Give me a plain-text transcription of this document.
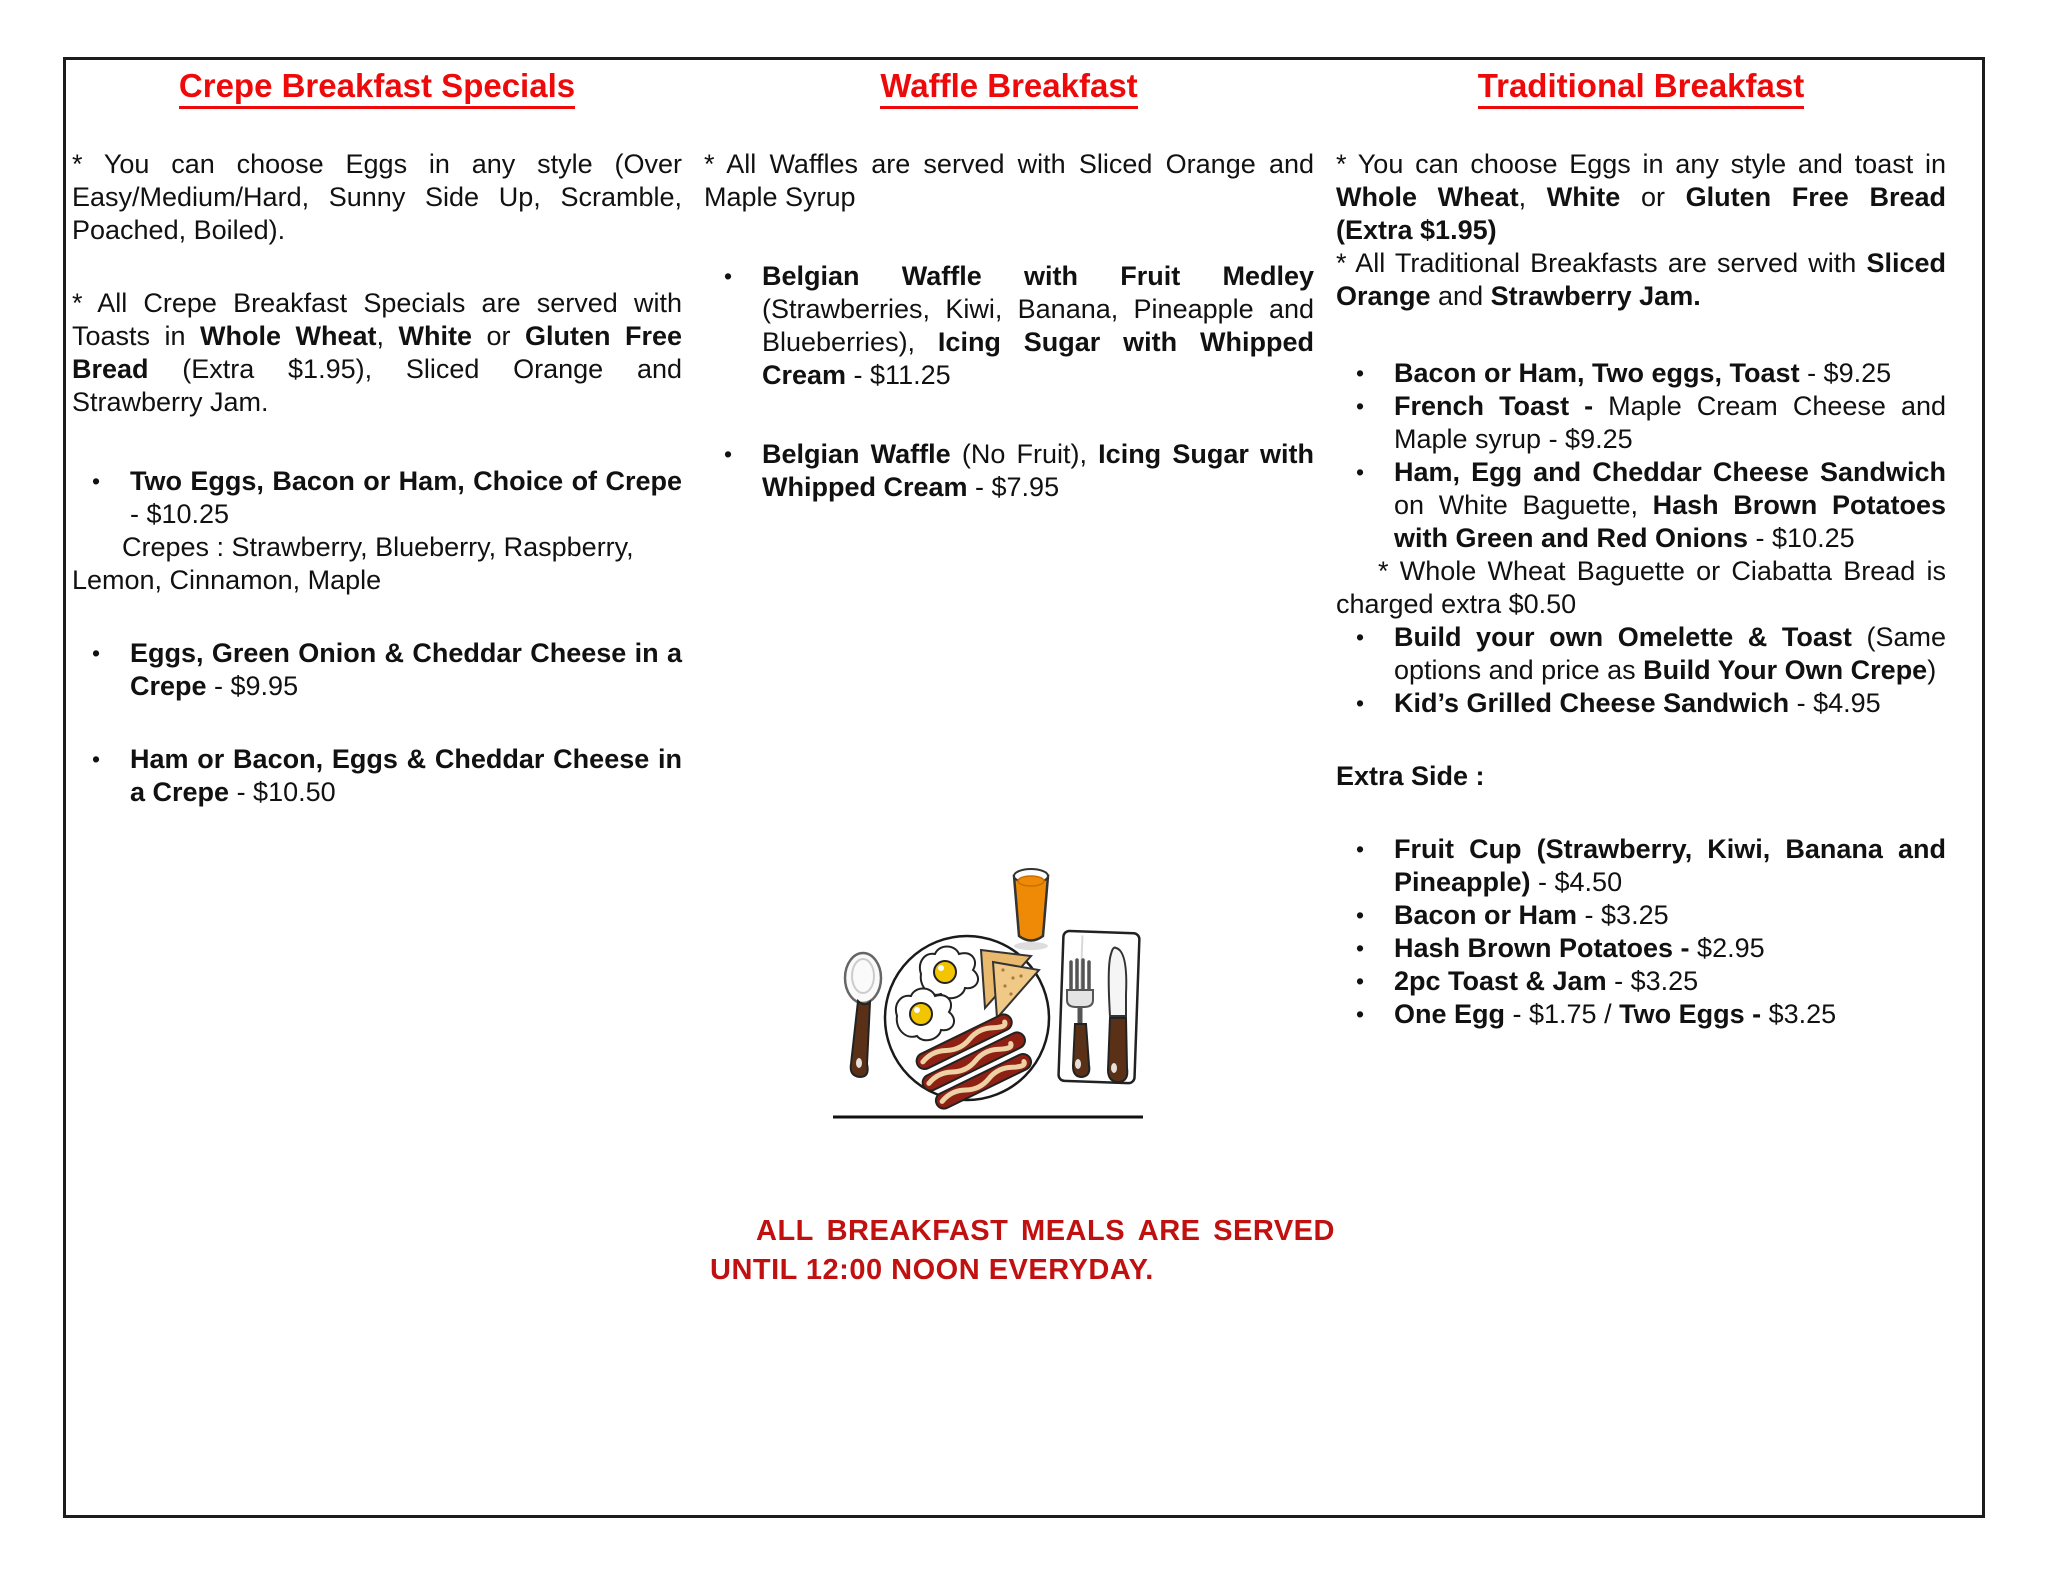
Crepe Breakfast Specials
* You can choose Eggs in any style (Over Easy/Medium/Hard, Sunny Side Up, Scramble, Poached, Boiled).
* All Crepe Breakfast Specials are served with Toasts in Whole Wheat, White or Gluten Free Bread (Extra $1.95), Sliced Orange and Strawberry Jam.
• Two Eggs, Bacon or Ham, Choice of Crepe - $10.25
Crepes : Strawberry, Blueberry, Raspberry, Lemon, Cinnamon, Maple
• Eggs, Green Onion & Cheddar Cheese in a Crepe - $9.95
• Ham or Bacon, Eggs & Cheddar Cheese in a Crepe - $10.50
Waffle Breakfast
* All Waffles are served with Sliced Orange and Maple Syrup
• Belgian Waffle with Fruit Medley (Strawberries, Kiwi, Banana, Pineapple and Blueberries), Icing Sugar with Whipped Cream - $11.25
• Belgian Waffle (No Fruit), Icing Sugar with Whipped Cream - $7.95
Traditional Breakfast
* You can choose Eggs in any style and toast in Whole Wheat, White or Gluten Free Bread (Extra $1.95)
* All Traditional Breakfasts are served with Sliced Orange and Strawberry Jam.
• Bacon or Ham, Two eggs, Toast - $9.25
• French Toast - Maple Cream Cheese and Maple syrup - $9.25
• Ham, Egg and Cheddar Cheese Sandwich on White Baguette, Hash Brown Potatoes with Green and Red Onions - $10.25
* Whole Wheat Baguette or Ciabatta Bread is charged extra $0.50
• Build your own Omelette & Toast (Same options and price as Build Your Own Crepe)
• Kid’s Grilled Cheese Sandwich - $4.95
Extra Side :
• Fruit Cup (Strawberry, Kiwi, Banana and Pineapple) - $4.50
• Bacon or Ham - $3.25
• Hash Brown Potatoes - $2.95
• 2pc Toast & Jam - $3.25
• One Egg - $1.75 / Two Eggs - $3.25
ALL BREAKFAST MEALS ARE SERVED
UNTIL 12:00 NOON EVERYDAY.
